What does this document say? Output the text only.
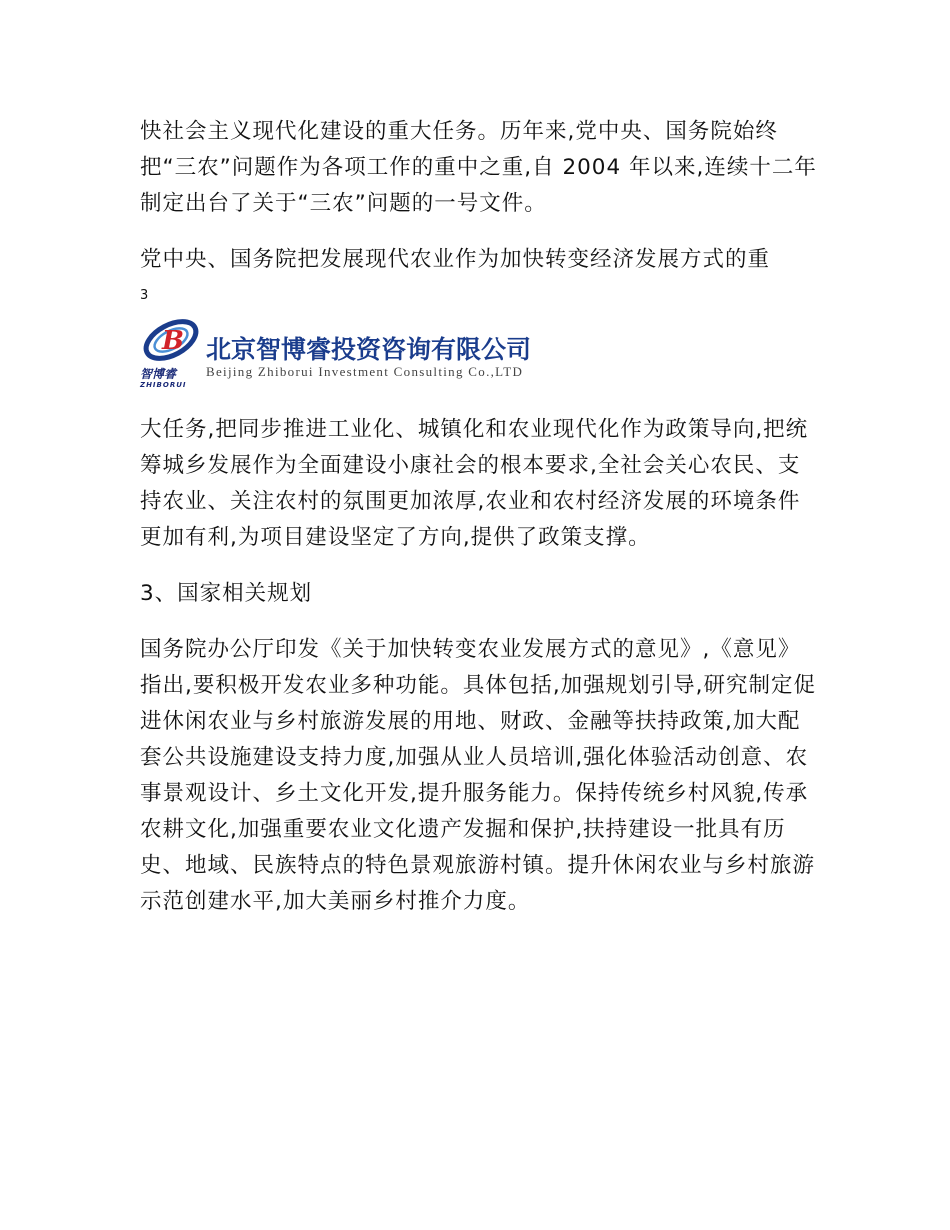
快社会主义现代化建设的重大任务。历年来,党中央、国务院始终把“三农”问题作为各项工作的重中之重,自 2004 年以来,连续十二年制定出台了关于“三农”问题的一号文件。

党中央、国务院把发展现代农业作为加快转变经济发展方式的重

3
B
智博睿
ZHIBORUI
北京智博睿投资咨询有限公司
Beijing Zhiborui Investment Consulting Co.,LTD

大任务,把同步推进工业化、城镇化和农业现代化作为政策导向,把统筹城乡发展作为全面建设小康社会的根本要求,全社会关心农民、支持农业、关注农村的氛围更加浓厚,农业和农村经济发展的环境条件更加有利,为项目建设坚定了方向,提供了政策支撑。

3、国家相关规划

国务院办公厅印发《关于加快转变农业发展方式的意见》,《意见》指出,要积极开发农业多种功能。具体包括,加强规划引导,研究制定促进休闲农业与乡村旅游发展的用地、财政、金融等扶持政策,加大配套公共设施建设支持力度,加强从业人员培训,强化体验活动创意、农事景观设计、乡土文化开发,提升服务能力。保持传统乡村风貌,传承农耕文化,加强重要农业文化遗产发掘和保护,扶持建设一批具有历史、地域、民族特点的特色景观旅游村镇。提升休闲农业与乡村旅游示范创建水平,加大美丽乡村推介力度。
